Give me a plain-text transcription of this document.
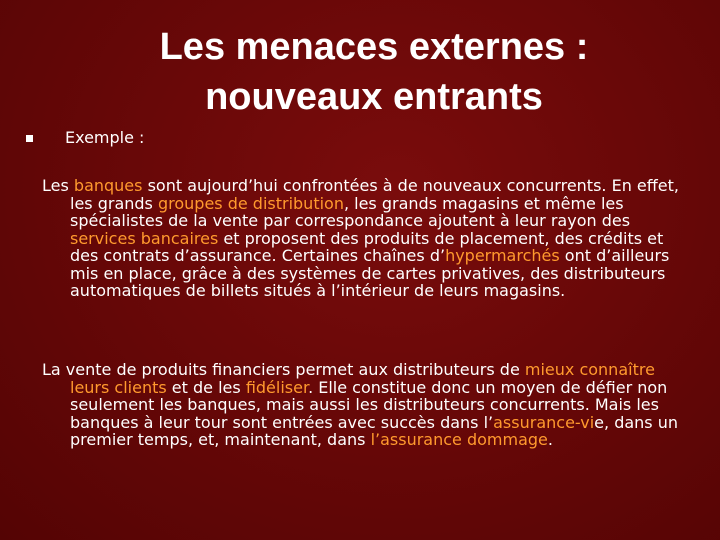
Les menaces externes :
nouveaux entrants
Exemple :

Les banques sont aujourd’hui confrontées à de nouveaux concurrents. En effet, les grands groupes de distribution, les grands magasins et même les spécialistes de la vente par correspondance ajoutent à leur rayon des services bancaires et proposent des produits de placement, des crédits et des contrats d’assurance. Certaines chaînes d’hypermarchés ont d’ailleurs mis en place, grâce à des systèmes de cartes privatives, des distributeurs automatiques de billets situés à l’intérieur de leurs magasins.

La vente de produits financiers permet aux distributeurs de mieux connaître leurs clients et de les fidéliser. Elle constitue donc un moyen de défier non seulement les banques, mais aussi les distributeurs concurrents. Mais les banques à leur tour sont entrées avec succès dans l’assurance-vie, dans un premier temps, et, maintenant, dans l’assurance dommage.
